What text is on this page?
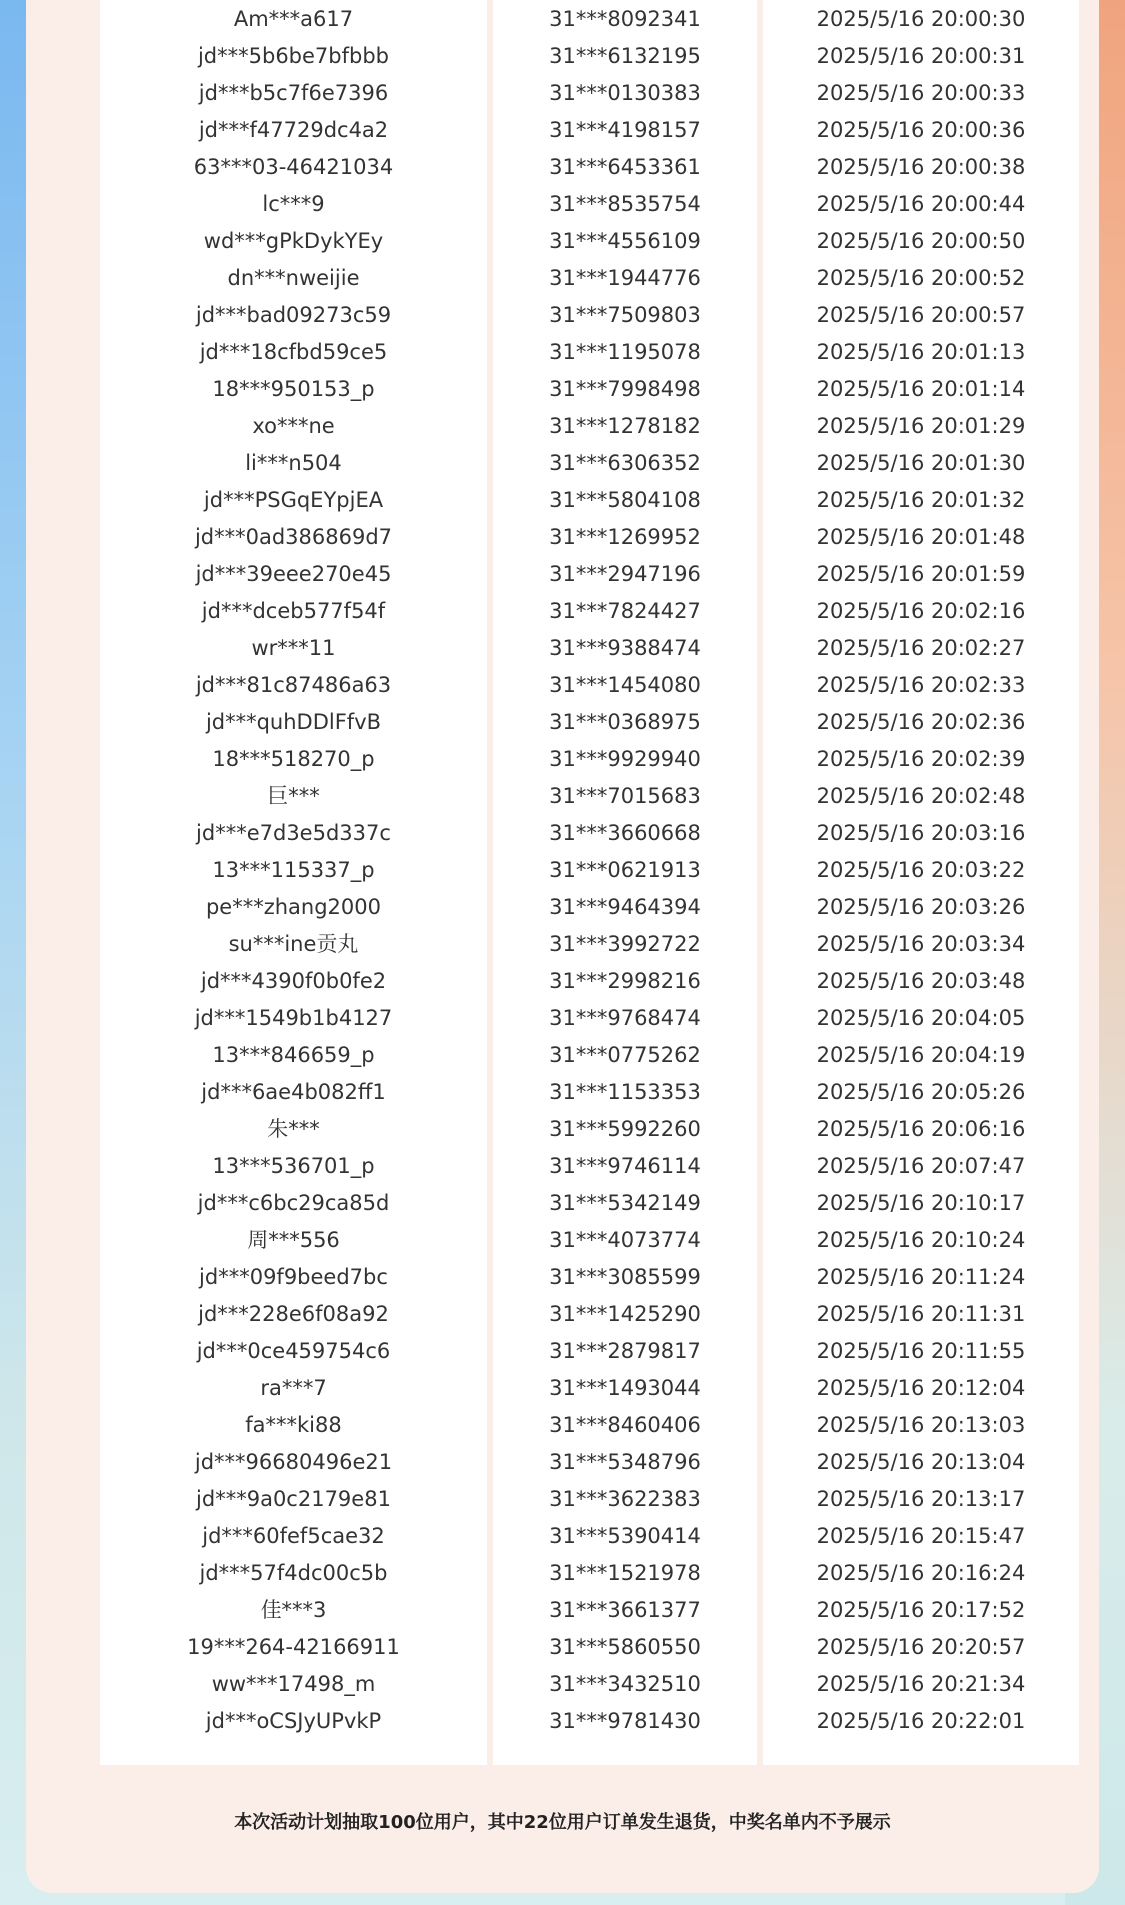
Am***a617
jd***5b6be7bfbbb
jd***b5c7f6e7396
jd***f47729dc4a2
63***03-46421034
lc***9
wd***gPkDykYEy
dn***nweijie
jd***bad09273c59
jd***18cfbd59ce5
18***950153_p
xo***ne
li***n504
jd***PSGqEYpjEA
jd***0ad386869d7
jd***39eee270e45
jd***dceb577f54f
wr***11
jd***81c87486a63
jd***quhDDlFfvB
18***518270_p
巨***
jd***e7d3e5d337c
13***115337_p
pe***zhang2000
su***ine贡丸
jd***4390f0b0fe2
jd***1549b1b4127
13***846659_p
jd***6ae4b082ff1
朱***
13***536701_p
jd***c6bc29ca85d
周***556
jd***09f9beed7bc
jd***228e6f08a92
jd***0ce459754c6
ra***7
fa***ki88
jd***96680496e21
jd***9a0c2179e81
jd***60fef5cae32
jd***57f4dc00c5b
佳***3
19***264-42166911
ww***17498_m
jd***oCSJyUPvkP
31***8092341
31***6132195
31***0130383
31***4198157
31***6453361
31***8535754
31***4556109
31***1944776
31***7509803
31***1195078
31***7998498
31***1278182
31***6306352
31***5804108
31***1269952
31***2947196
31***7824427
31***9388474
31***1454080
31***0368975
31***9929940
31***7015683
31***3660668
31***0621913
31***9464394
31***3992722
31***2998216
31***9768474
31***0775262
31***1153353
31***5992260
31***9746114
31***5342149
31***4073774
31***3085599
31***1425290
31***2879817
31***1493044
31***8460406
31***5348796
31***3622383
31***5390414
31***1521978
31***3661377
31***5860550
31***3432510
31***9781430
2025/5/16 20:00:30
2025/5/16 20:00:31
2025/5/16 20:00:33
2025/5/16 20:00:36
2025/5/16 20:00:38
2025/5/16 20:00:44
2025/5/16 20:00:50
2025/5/16 20:00:52
2025/5/16 20:00:57
2025/5/16 20:01:13
2025/5/16 20:01:14
2025/5/16 20:01:29
2025/5/16 20:01:30
2025/5/16 20:01:32
2025/5/16 20:01:48
2025/5/16 20:01:59
2025/5/16 20:02:16
2025/5/16 20:02:27
2025/5/16 20:02:33
2025/5/16 20:02:36
2025/5/16 20:02:39
2025/5/16 20:02:48
2025/5/16 20:03:16
2025/5/16 20:03:22
2025/5/16 20:03:26
2025/5/16 20:03:34
2025/5/16 20:03:48
2025/5/16 20:04:05
2025/5/16 20:04:19
2025/5/16 20:05:26
2025/5/16 20:06:16
2025/5/16 20:07:47
2025/5/16 20:10:17
2025/5/16 20:10:24
2025/5/16 20:11:24
2025/5/16 20:11:31
2025/5/16 20:11:55
2025/5/16 20:12:04
2025/5/16 20:13:03
2025/5/16 20:13:04
2025/5/16 20:13:17
2025/5/16 20:15:47
2025/5/16 20:16:24
2025/5/16 20:17:52
2025/5/16 20:20:57
2025/5/16 20:21:34
2025/5/16 20:22:01
本次活动计划抽取100位用户，其中22位用户订单发生退货，中奖名单内不予展示
